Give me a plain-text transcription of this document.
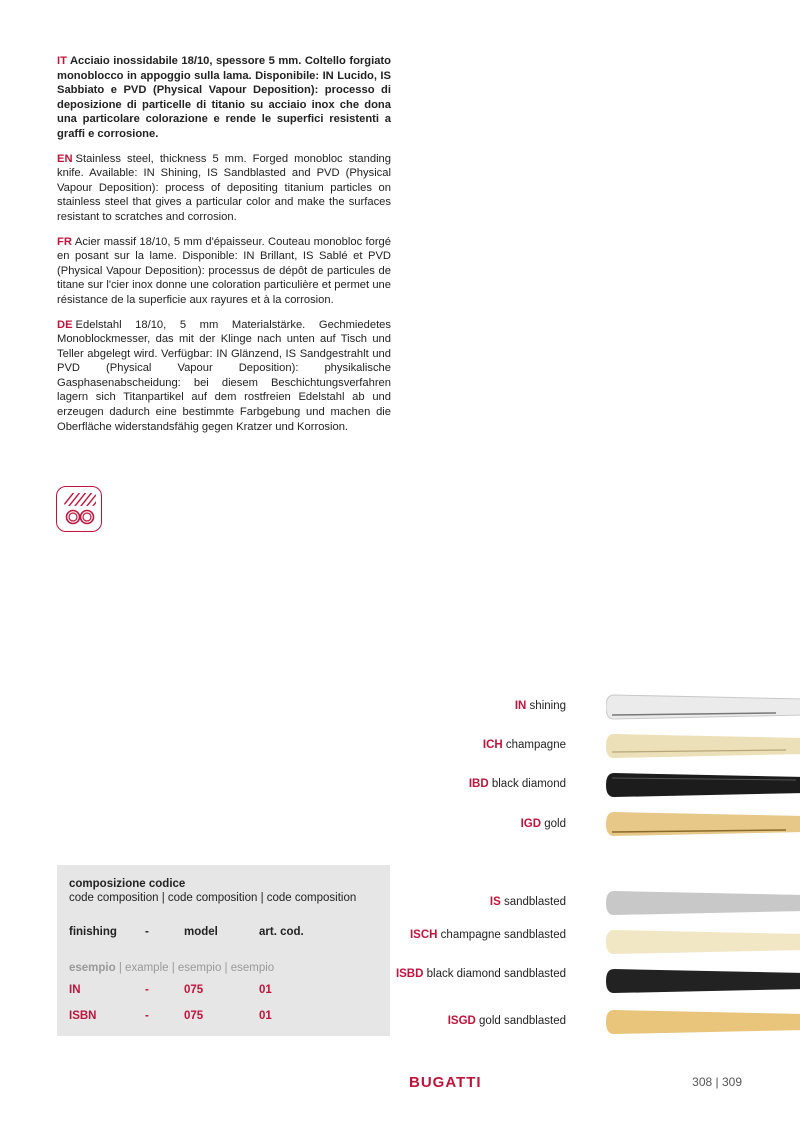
IT Acciaio inossidabile 18/10, spessore 5 mm. Coltello forgiato monoblocco in appoggio sulla lama. Disponibile: IN Lucido, IS Sabbiato e PVD (Physical Vapour Deposition): processo di deposizione di particelle di titanio su acciaio inox che dona una particolare colorazione e rende le superfici resistenti a graffi e corrosione.

EN Stainless steel, thickness 5 mm. Forged monobloc standing knife. Available: IN Shining, IS Sandblasted and PVD (Physical Vapour Deposition): process of depositing titanium particles on stainless steel that gives a particular color and make the surfaces resistant to scratches and corrosion.

FR Acier massif 18/10, 5 mm d'épaisseur. Couteau monobloc forgé en posant sur la lame. Disponible: IN Brillant, IS Sablé et PVD (Physical Vapour Deposition): processus de dépôt de particules de titane sur l'cier inox donne une coloration particulière et permet une résistance de la superficie aux rayures et à la corrosion.

DE Edelstahl 18/10, 5 mm Materialstärke. Gechmiedetes Monoblockmesser, das mit der Klinge nach unten auf Tisch und Teller abgelegt wird. Verfügbar: IN Glänzend, IS Sandgestrahlt und PVD (Physical Vapour Deposition): physikalische Gasphasenabscheidung: bei diesem Beschichtungsverfahren lagern sich Titanpartikel auf dem rostfreien Edelstahl ab und erzeugen dadurch eine bestimmte Farbgebung und machen die Oberfläche widerstandsfähig gegen Kratzer und Korrosion.

IN shining
ICH champagne
IBD black diamond
IGD gold
IS sandblasted
ISCH champagne sandblasted
ISBD black diamond sandblasted
ISGD gold sandblasted
composizione codice
code composition | code composition | code composition
finishing -	model	art. cod.
esempio | example | esempio | esempio
IN	-	075	01
ISBN	-	075	01
BUGATTI	308 | 309
